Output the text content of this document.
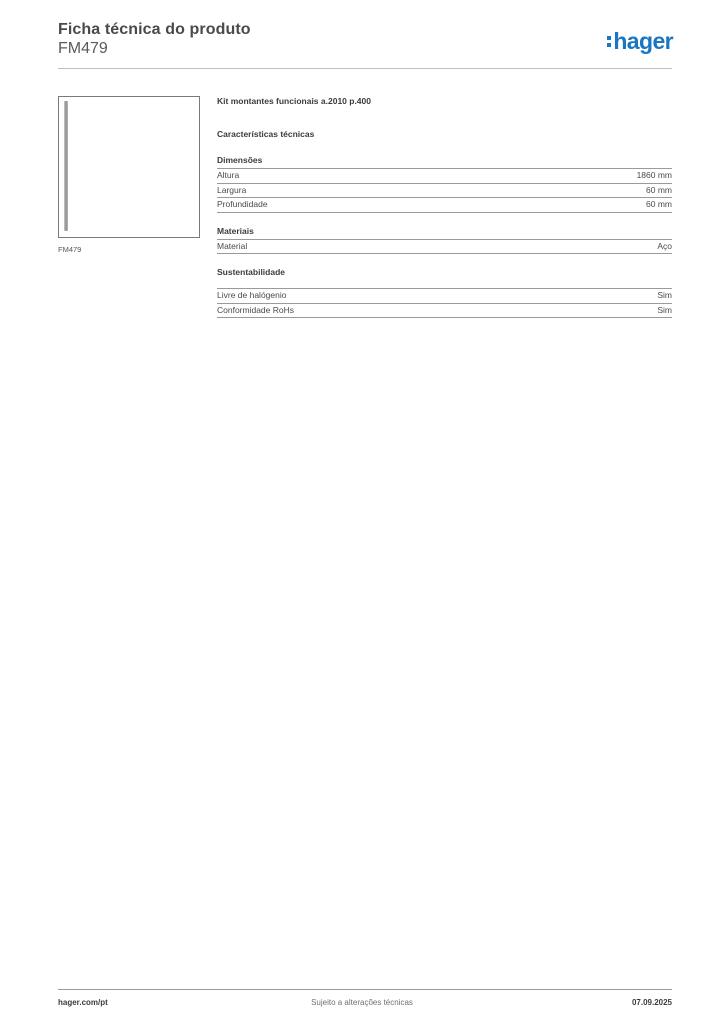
Ficha técnica do produto
FM479	hager
FM479
Kit montantes funcionais a.2010 p.400
Características técnicas
Dimensões
Altura	1860 mm
Largura	60 mm
Profundidade	60 mm
Materiais
Material	Aço
Sustentabilidade
Livre de halógenio	Sim
Conformidade RoHs	Sim
hager.com/pt	Sujeito a alterações técnicas	07.09.2025
